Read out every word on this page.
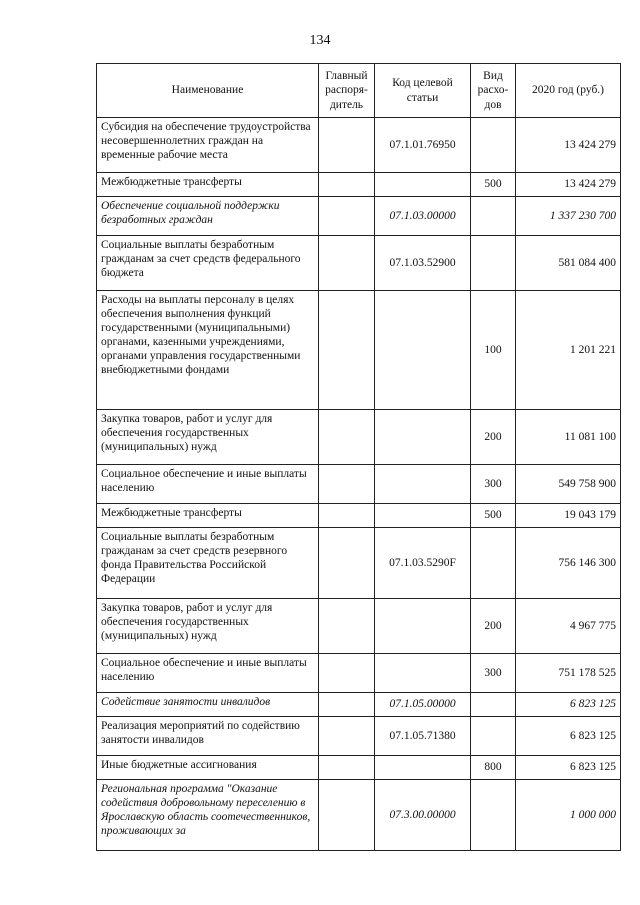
134
Наименование	Главный распоря-дитель	Код целевой статьи	Вид расхо-дов	2020 год (руб.)
Субсидия на обеспечение трудоустройства несовершеннолетних граждан на временные рабочие места		07.1.01.76950		13 424 279
Межбюджетные трансферты			500	13 424 279
Обеспечение социальной поддержки безработных граждан		07.1.03.00000		1 337 230 700
Социальные выплаты безработным гражданам за счет средств федерального бюджета		07.1.03.52900		581 084 400
Расходы на выплаты персоналу в целях обеспечения выполнения функций государственными (муниципальными) органами, казенными учреждениями, органами управления государственными внебюджетными фондами			100	1 201 221
Закупка товаров, работ и услуг для обеспечения государственных (муниципальных) нужд			200	11 081 100
Социальное обеспечение и иные выплаты населению			300	549 758 900
Межбюджетные трансферты			500	19 043 179
Социальные выплаты безработным гражданам за счет средств резервного фонда Правительства Российской Федерации		07.1.03.5290F		756 146 300
Закупка товаров, работ и услуг для обеспечения государственных (муниципальных) нужд			200	4 967 775
Социальное обеспечение и иные выплаты населению			300	751 178 525
Содействие занятости инвалидов		07.1.05.00000		6 823 125
Реализация мероприятий по содействию занятости инвалидов		07.1.05.71380		6 823 125
Иные бюджетные ассигнования			800	6 823 125
Региональная программа "Оказание содействия добровольному переселению в Ярославскую область соотечественников, проживающих за		07.3.00.00000		1 000 000
